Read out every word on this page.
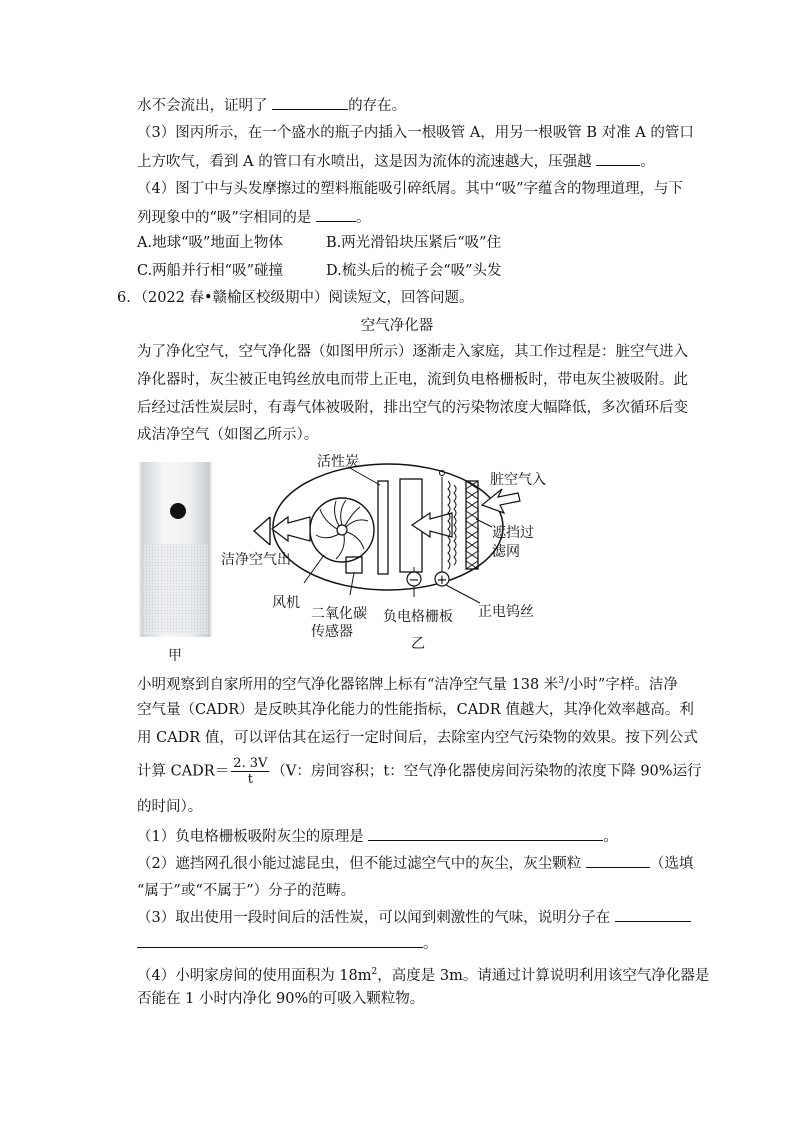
水不会流出，证明了	的存在。
（3）图丙所示，在一个盛水的瓶子内插入一根吸管 A，用另一根吸管 B 对准 A 的管口
上方吹气，看到 A 的管口有水喷出，这是因为流体的流速越大，压强越	。
（4）图丁中与头发摩擦过的塑料瓶能吸引碎纸屑。其中“吸”字蕴含的物理道理，与下
列现象中的“吸”字相同的是	。
A.地球“吸”地面上物体	B.两光滑铅块压紧后“吸”住
C.两船并行相“吸”碰撞	D.梳头后的梳子会“吸”头发
6．（2022 春•赣榆区校级期中）阅读短文，回答问题。
空气净化器
为了净化空气，空气净化器（如图甲所示）逐渐走入家庭，其工作过程是：脏空气进入
净化器时，灰尘被正电钨丝放电而带上正电，流到负电格栅板时，带电灰尘被吸附。此
后经过活性炭层时，有毒气体被吸附，排出空气的污染物浓度大幅降低，多次循环后变
成洁净空气（如图乙所示）。
甲
− +
活性炭
脏空气入
遮挡过
滤网
洁净空气出
风机
二氧化碳
传感器
负电格栅板 正电钨丝
乙
小明观察到自家所用的空气净化器铭牌上标有“洁净空气量 138 米$^3$/小时”字样。洁净
空气量（CADR）是反映其净化能力的性能指标，CADR 值越大，其净化效率越高。利
用 CADR 值，可以评估其在运行一定时间后，去除室内空气污染物的效果。按下列公式
计算 CADR＝ $\frac{2. 3V}{t} (V$：房间容积；t：空气净化器使房间污染物的浓度下降 90%运行
的时间）。
（1）负电格栅板吸附灰尘的原理是	。
（2）遮挡网孔很小能过滤昆虫，但不能过滤空气中的灰尘，灰尘颗粒	（选填
“属于”或“不属于”）分子的范畴。
（3）取出使用一段时间后的活性炭，可以闻到刺激性的气味，说明分子在
。
（4）小明家房间的使用面积为 $18m^2$，高度是 3m。请通过计算说明利用该空气净化器是
否能在 1 小时内净化 90%的可吸入颗粒物。
